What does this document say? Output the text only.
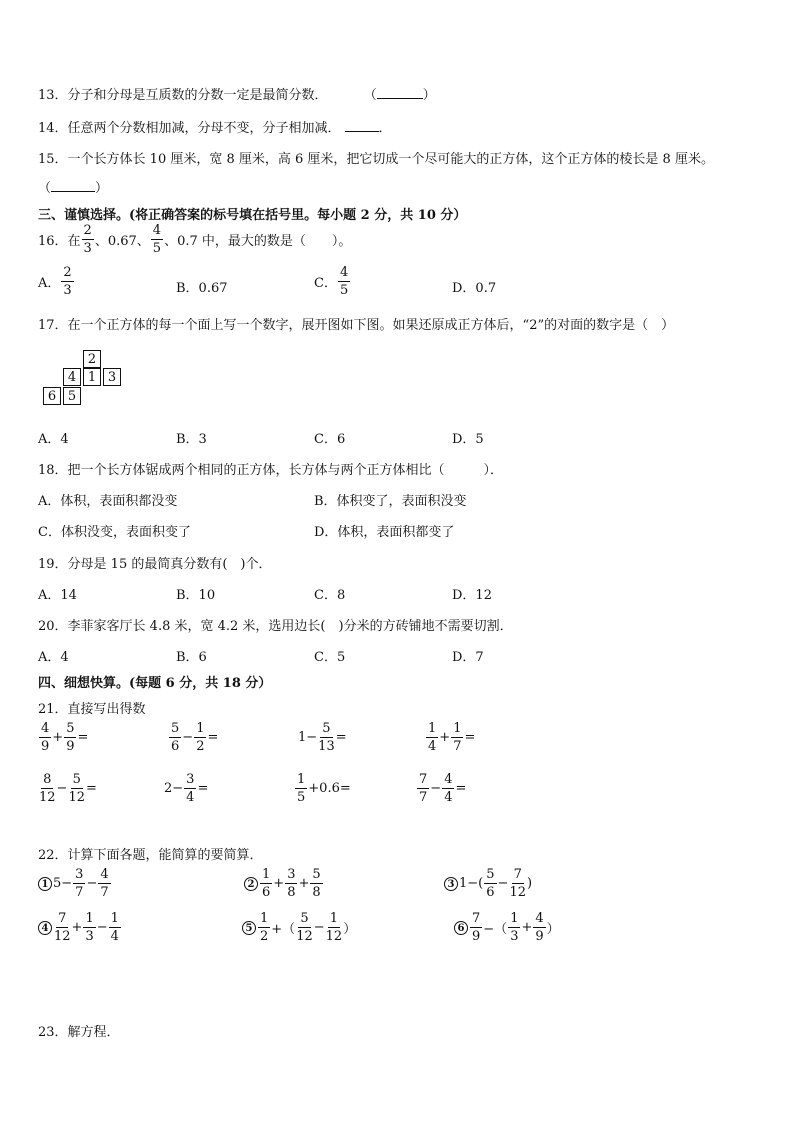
13．分子和分母是互质数的分数一定是最简分数．	（	）
14．任意两个分数相加减，分母不变，分子相加减．	．
15．一个长方体长 10 厘米，宽 8 厘米，高 6 厘米，把它切成一个尽可能大的正方体，这个正方体的棱长是 8 厘米。
（	）
三、谨慎选择。(将正确答案的标号填在括号里。每小题 2 分，共 10 分）
16．在 $\frac{2}{3}$ 、0.67、 $\frac{4}{5}$ 、0.7 中，最大的数是（　　）。
A． $\frac{2}{3}$	B．0.67	C． $\frac{4}{5}$	D．0.7
17．在一个正方体的每一个面上写一个数字，展开图如下图。如果还原成正方体后，“2”的对面的数字是（　）
2
4 1 3
6 5
A．4	B．3	C．6	D．5
18．把一个长方体锯成两个相同的正方体，长方体与两个正方体相比（　　　）．
A．体积，表面积都没变	B．体积变了，表面积没变
C．体积没变，表面积变了	D．体积，表面积都变了
19．分母是 15 的最简真分数有(　)个．
A．14	B．10	C．8	D．12
20．李菲家客厅长 4.8 米，宽 4.2 米，选用边长(　)分米的方砖铺地不需要切割．
A．4	B．6	C．5	D．7
四、细想快算。(每题 6 分，共 18 分）
21．直接写出得数
$\frac{4}{9} + \frac{5}{9}$ =	$\frac{5}{6} - \frac{1}{2}$ =	$1- \frac{5}{13}$ =	$\frac{1}{4} + \frac{1}{7}$ =
$\frac{8}{12} - \frac{5}{12}$ =	$2- \frac{3}{4}$ =	$\frac{1}{5} +0.6=$	$\frac{7}{7} - \frac{4}{4}$ =
22．计算下面各题，能简算的要简算．
1 $5- \frac{3}{7} - \frac{4}{7}$	$2 \frac{1}{6} + \frac{3}{8} + \frac{5}{8}$	3 $1-( \frac{5}{6} - \frac{7}{12}$ )
$4 \frac{7}{12} + \frac{1}{3} - \frac{1}{4}$	$5 \frac{1}{2}$ +（ $\frac{5}{12} - \frac{1}{12}$ ）	$6 \frac{7}{9}$ −（ $\frac{1}{3} + \frac{4}{9}$ ）
23．解方程．
